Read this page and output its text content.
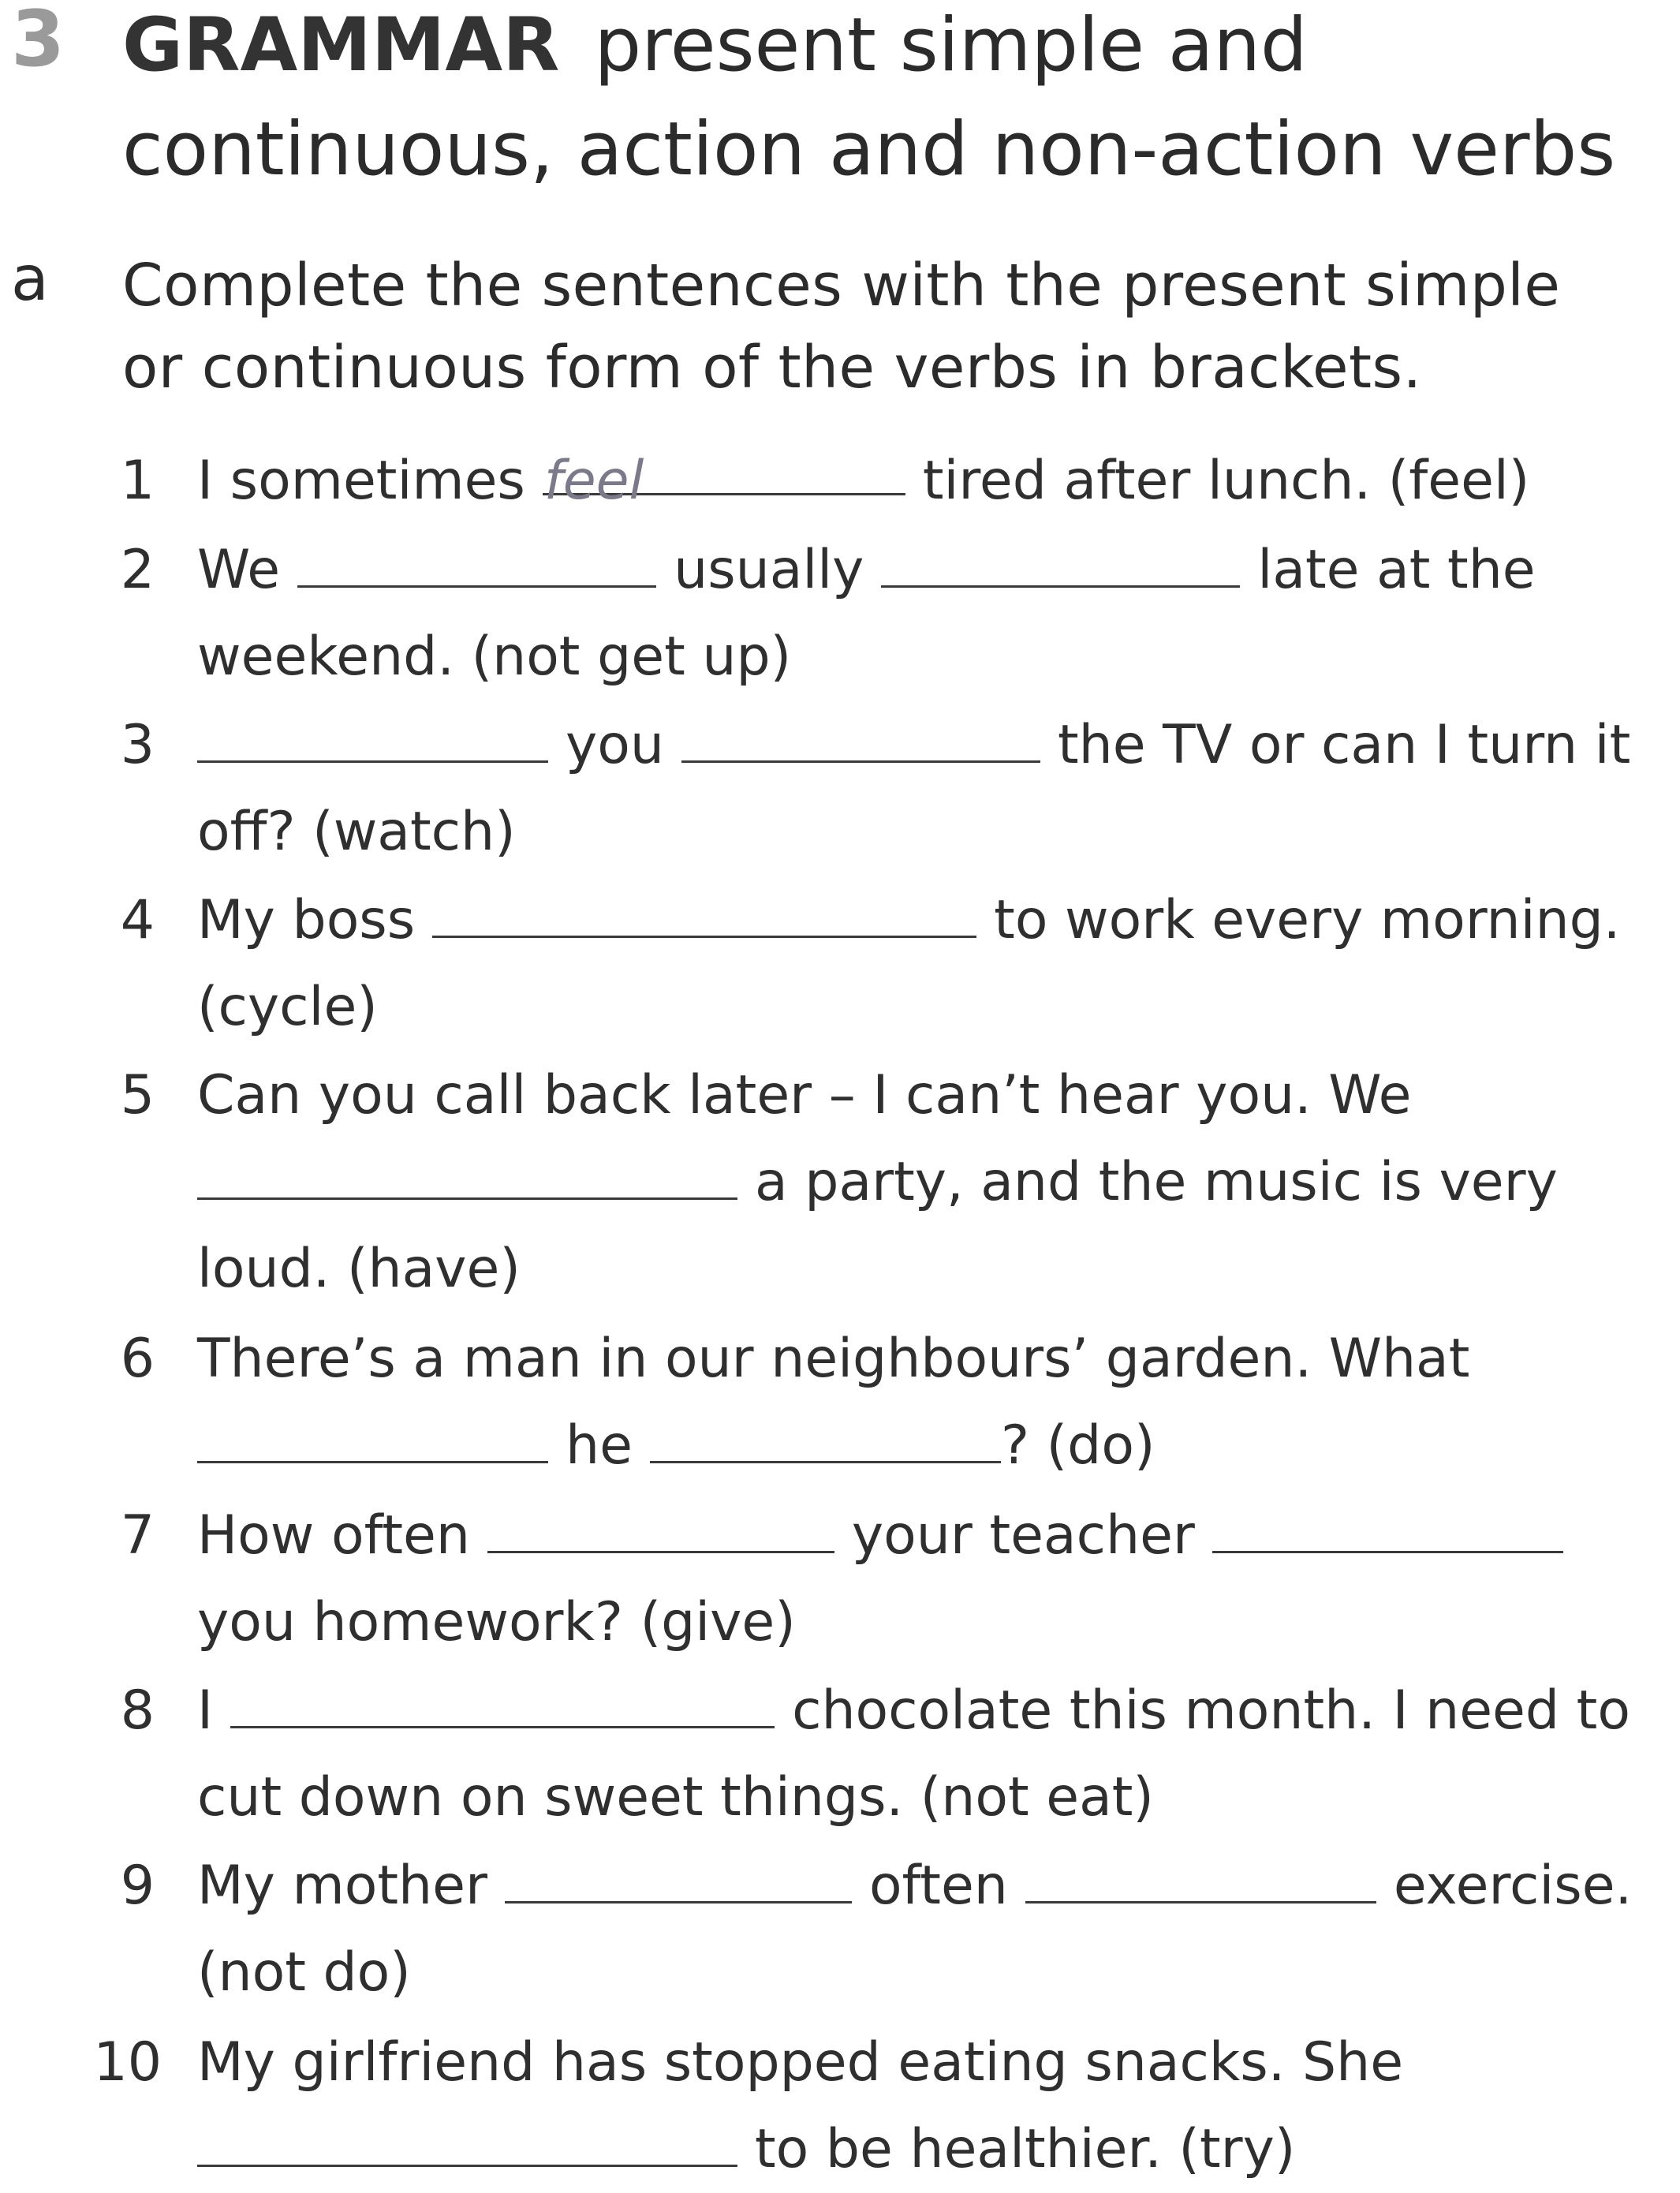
3 GRAMMAR present simple and
continuous, action and non-action verbs
a Complete the sentences with the present simple
or continuous form of the verbs in brackets.
1 I sometimes feel	tired after lunch. (feel)
2 We	usually	late at the
weekend. (not get up)
3	you	the TV or can I turn it
off? (watch)
4 My boss	to work every morning.
(cycle)
5 Can you call back later – I can’t hear you. We
a party, and the music is very
loud. (have)
6 There’s a man in our neighbours’ garden. What
he	? (do)
7 How often	your teacher
you homework? (give)
8 I	chocolate this month. I need to
cut down on sweet things. (not eat)
9 My mother	often	exercise.
(not do)
10 My girlfriend has stopped eating snacks. She
to be healthier. (try)
